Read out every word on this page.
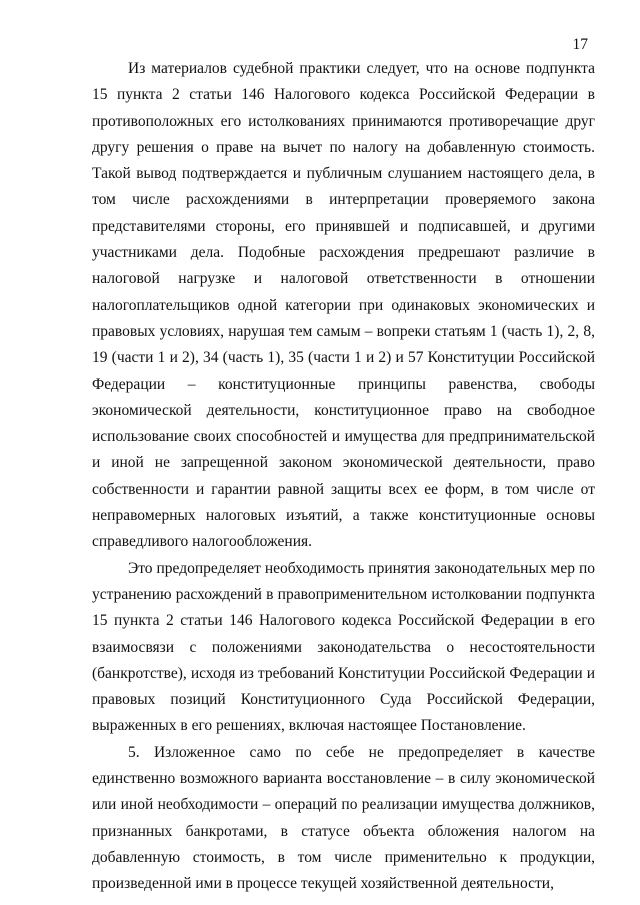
17

Из материалов судебной практики следует, что на основе подпункта 15 пункта 2 статьи 146 Налогового кодекса Российской Федерации в противоположных его истолкованиях принимаются противоречащие друг другу решения о праве на вычет по налогу на добавленную стоимость. Такой вывод подтверждается и публичным слушанием настоящего дела, в том числе расхождениями в интерпретации проверяемого закона представителями стороны, его принявшей и подписавшей, и другими участниками дела. Подобные расхождения предрешают различие в налоговой нагрузке и налоговой ответственности в отношении налогоплательщиков одной категории при одинаковых экономических и правовых условиях, нарушая тем самым – вопреки статьям 1 (часть 1), 2, 8, 19 (части 1 и 2), 34 (часть 1), 35 (части 1 и 2) и 57 Конституции Российской Федерации – конституционные принципы равенства, свободы экономической деятельности, конституционное право на свободное использование своих способностей и имущества для предпринимательской и иной не запрещенной законом экономической деятельности, право собственности и гарантии равной защиты всех ее форм, в том числе от неправомерных налоговых изъятий, а также конституционные основы справедливого налогообложения.

Это предопределяет необходимость принятия законодательных мер по устранению расхождений в правоприменительном истолковании подпункта 15 пункта 2 статьи 146 Налогового кодекса Российской Федерации в его взаимосвязи с положениями законодательства о несостоятельности (банкротстве), исходя из требований Конституции Российской Федерации и правовых позиций Конституционного Суда Российской Федерации, выраженных в его решениях, включая настоящее Постановление.

5. Изложенное само по себе не предопределяет в качестве единственно возможного варианта восстановление – в силу экономической или иной необходимости – операций по реализации имущества должников, признанных банкротами, в статусе объекта обложения налогом на добавленную стоимость, в том числе применительно к продукции, произведенной ими в процессе текущей хозяйственной деятельности,
